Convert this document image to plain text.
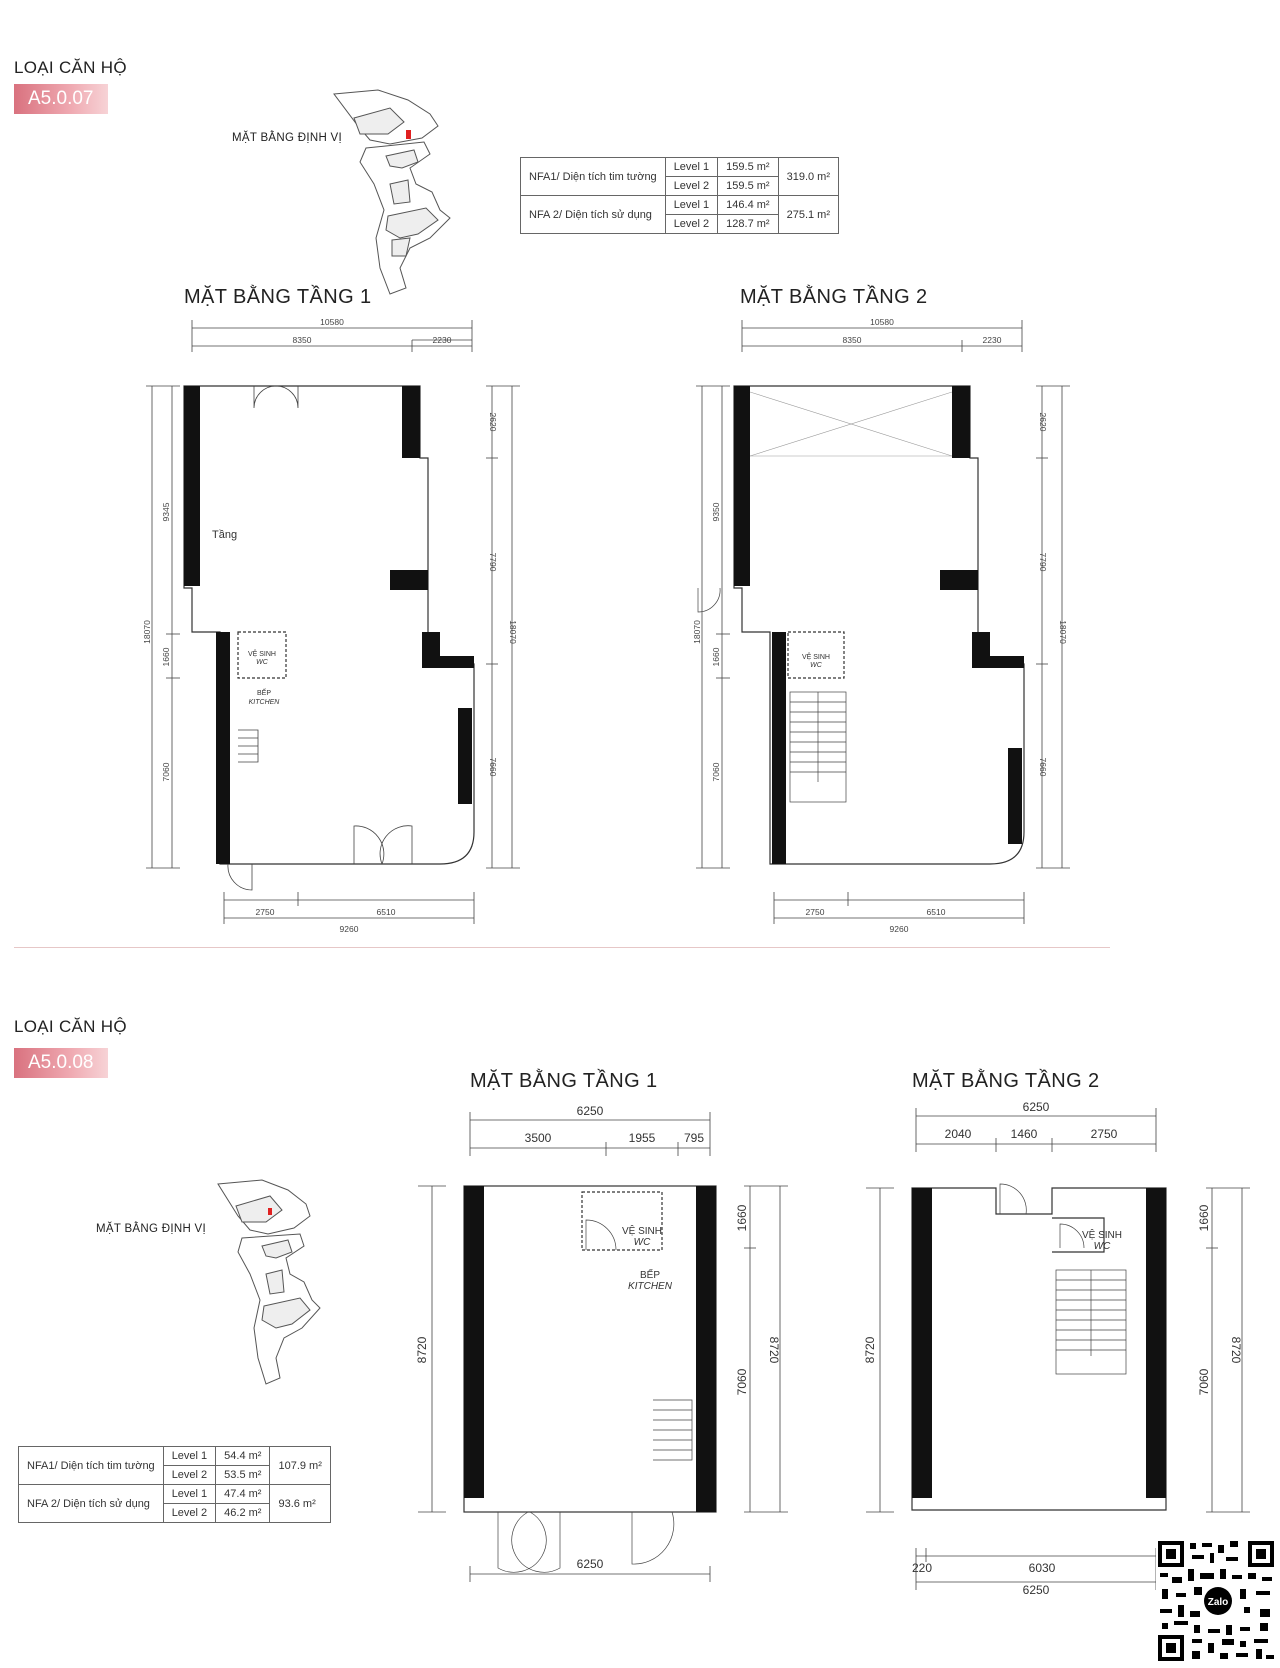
LOẠI CĂN HỘ
A5.0.07
MẶT BẰNG ĐỊNH VỊ
NFA1/ Diện tích tim tường	Level 1	159.5 m²	319.0 m²
	Level 2	159.5 m²	
NFA 2/ Diện tích sử dụng	Level 1	146.4 m²	275.1 m²
	Level 2	128.7 m²	
MẶT BẰNG TẦNG 1	MẶT BẰNG TẦNG 2
10580
8350	2230
2750	6510
9260
18070
9345
1660
7060
2620
7790
7660
18070
Tầng
VỆ SINH
WC
BẾP
KITCHEN
10580
8350	2230
2750	6510
9260
18070
9350
1660
7060
2620
7790
7660
18070
VỆ SINH
WC
LOẠI CĂN HỘ
A5.0.08
MẶT BẰNG TẦNG 1	MẶT BẰNG TẦNG 2
MẶT BẰNG ĐỊNH VỊ
NFA1/ Diện tích tim tường	Level 1	54.4 m²	107.9 m²
	Level 2	53.5 m²	
NFA 2/ Diện tích sử dụng	Level 1	47.4 m²	93.6 m²
	Level 2	46.2 m²	
6250
3500	1955 795
6250
8720
1660
7060
8720
VỆ SINH
WC
BẾP
KITCHEN
6250
2040	1460	2750
220	6030
6250
8720
1660
7060
8720
VỆ SINH
WC
Zalo
